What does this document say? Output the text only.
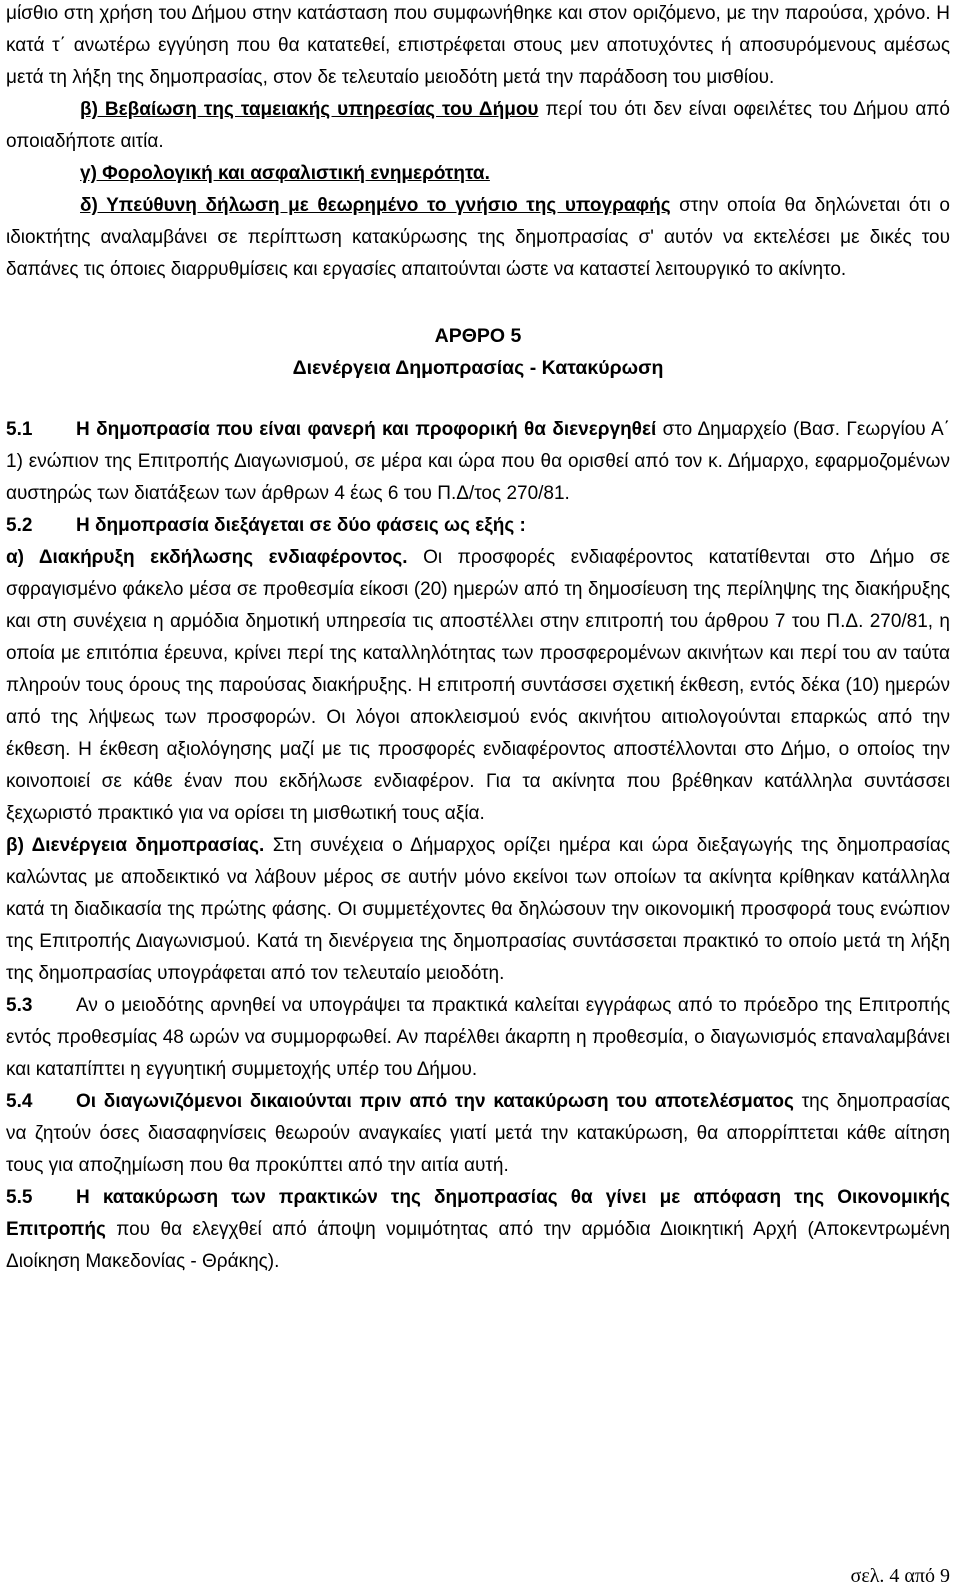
μίσθιο στη χρήση του Δήμου στην κατάσταση που συμφωνήθηκε και στον οριζόμενο, με την παρούσα, χρόνο. Η κατά τ΄ ανωτέρω εγγύηση που θα κατατεθεί, επιστρέφεται στους μεν αποτυχόντες ή αποσυρόμενους αμέσως μετά τη λήξη της δημοπρασίας, στον δε τελευταίο μειοδότη μετά την παράδοση του μισθίου.

β) Βεβαίωση της ταμειακής υπηρεσίας του Δήμου περί του ότι δεν είναι οφειλέτες του Δήμου από οποιαδήποτε αιτία.

γ) Φορολογική και ασφαλιστική ενημερότητα.

δ) Υπεύθυνη δήλωση με θεωρημένο το γνήσιο της υπογραφής στην οποία θα δηλώνεται ότι ο ιδιοκτήτης αναλαμβάνει σε περίπτωση κατακύρωσης της δημοπρασίας σ' αυτόν να εκτελέσει με δικές του δαπάνες τις όποιες διαρρυθμίσεις και εργασίες απαιτούνται ώστε να καταστεί λειτουργικό το ακίνητο.

ΑΡΘΡΟ 5

Διενέργεια Δημοπρασίας - Κατακύρωση

5.1 Η δημοπρασία που είναι φανερή και προφορική θα διενεργηθεί στο Δημαρχείο (Βασ. Γεωργίου Α΄ 1) ενώπιον της Επιτροπής Διαγωνισμού, σε μέρα και ώρα που θα ορισθεί από τον κ. Δήμαρχο, εφαρμοζομένων αυστηρώς των διατάξεων των άρθρων 4 έως 6 του Π.Δ/τος 270/81.

5.2 Η δημοπρασία διεξάγεται σε δύο φάσεις ως εξής :

α) Διακήρυξη εκδήλωσης ενδιαφέροντος. Οι προσφορές ενδιαφέροντος κατατίθενται στο Δήμο σε σφραγισμένο φάκελο μέσα σε προθεσμία είκοσι (20) ημερών από τη δημοσίευση της περίληψης της διακήρυξης και στη συνέχεια η αρμόδια δημοτική υπηρεσία τις αποστέλλει στην επιτροπή του άρθρου 7 του Π.Δ. 270/81, η οποία με επιτόπια έρευνα, κρίνει περί της καταλληλότητας των προσφερομένων ακινήτων και περί του αν ταύτα πληρούν τους όρους της παρούσας διακήρυξης. Η επιτροπή συντάσσει σχετική έκθεση, εντός δέκα (10) ημερών από της λήψεως των προσφορών. Οι λόγοι αποκλεισμού ενός ακινήτου αιτιολογούνται επαρκώς από την έκθεση. Η έκθεση αξιολόγησης μαζί με τις προσφορές ενδιαφέροντος αποστέλλονται στο Δήμο, ο οποίος την κοινοποιεί σε κάθε έναν που εκδήλωσε ενδιαφέρον. Για τα ακίνητα που βρέθηκαν κατάλληλα συντάσσει ξεχωριστό πρακτικό για να ορίσει τη μισθωτική τους αξία.

β) Διενέργεια δημοπρασίας. Στη συνέχεια ο Δήμαρχος ορίζει ημέρα και ώρα διεξαγωγής της δημοπρασίας καλώντας με αποδεικτικό να λάβουν μέρος σε αυτήν μόνο εκείνοι των οποίων τα ακίνητα κρίθηκαν κατάλληλα κατά τη διαδικασία της πρώτης φάσης. Οι συμμετέχοντες θα δηλώσουν την οικονομική προσφορά τους ενώπιον της Επιτροπής Διαγωνισμού. Κατά τη διενέργεια της δημοπρασίας συντάσσεται πρακτικό το οποίο μετά τη λήξη της δημοπρασίας υπογράφεται από τον τελευταίο μειοδότη.

5.3 Αν ο μειοδότης αρνηθεί να υπογράψει τα πρακτικά καλείται εγγράφως από το πρόεδρο της Επιτροπής εντός προθεσμίας 48 ωρών να συμμορφωθεί. Αν παρέλθει άκαρπη η προθεσμία, ο διαγωνισμός επαναλαμβάνει και καταπίπτει η εγγυητική συμμετοχής υπέρ του Δήμου.

5.4 Οι διαγωνιζόμενοι δικαιούνται πριν από την κατακύρωση του αποτελέσματος της δημοπρασίας να ζητούν όσες διασαφηνίσεις θεωρούν αναγκαίες γιατί μετά την κατακύρωση, θα απορρίπτεται κάθε αίτηση τους για αποζημίωση που θα προκύπτει από την αιτία αυτή.

5.5 Η κατακύρωση των πρακτικών της δημοπρασίας θα γίνει με απόφαση της Οικονομικής Επιτροπής που θα ελεγχθεί από άποψη νομιμότητας από την αρμόδια Διοικητική Αρχή (Αποκεντρωμένη Διοίκηση Μακεδονίας - Θράκης).

σελ. 4 από 9
